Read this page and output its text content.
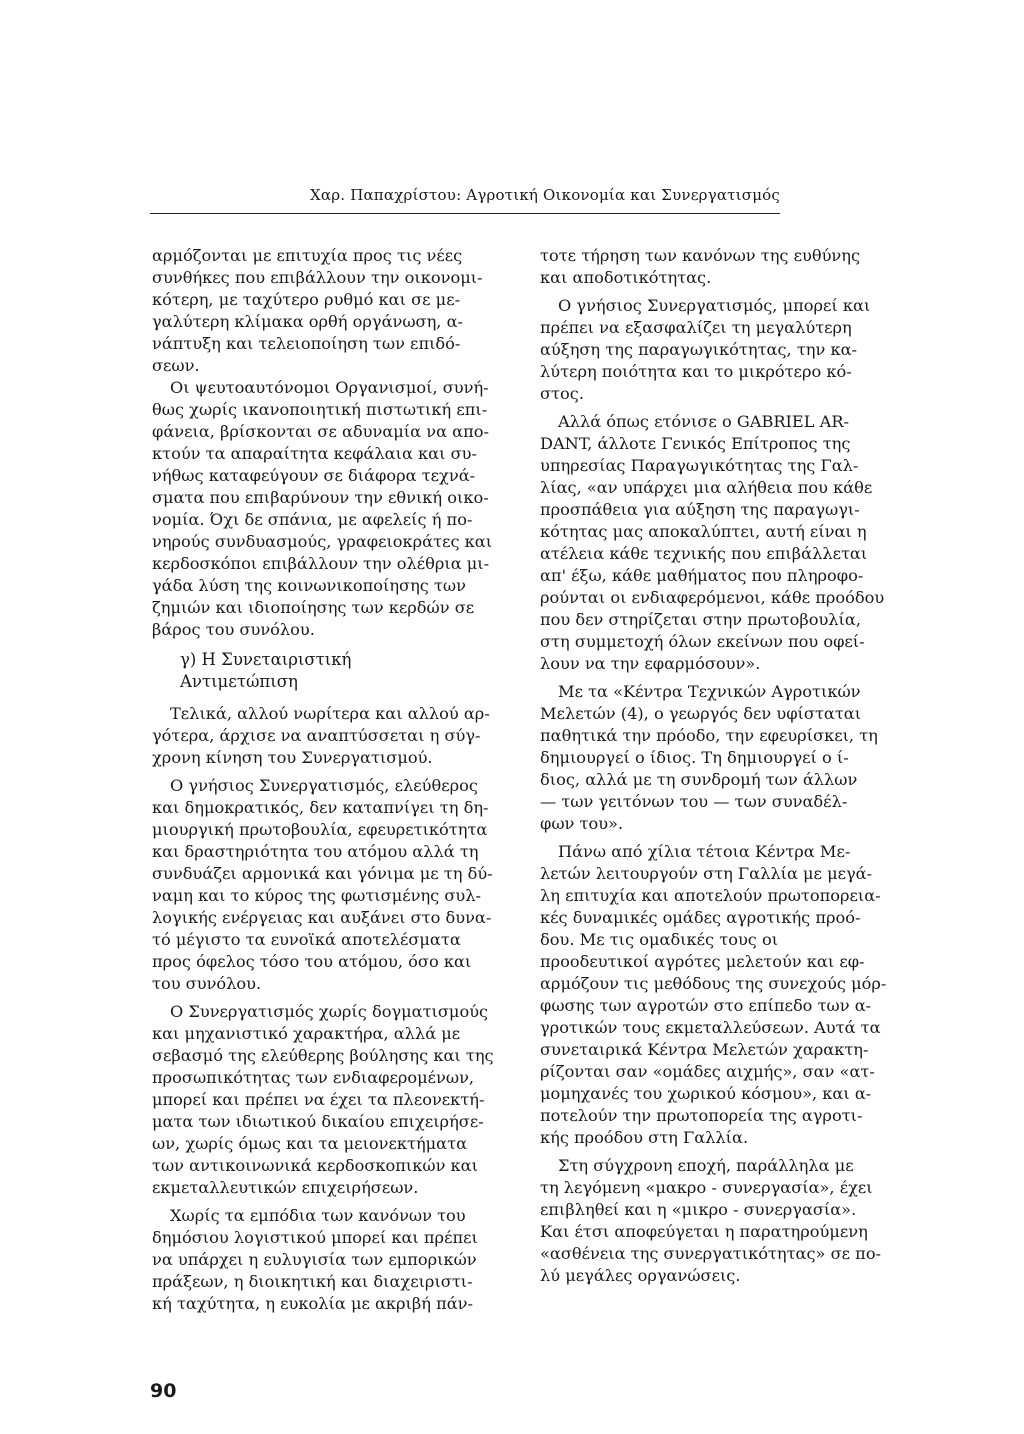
Χαρ. Παπαχρίστου: Αγροτική Οικονομία και Συνεργατισμός
αρμόζονται με επιτυχία προς τις νέες
συνθήκες που επιβάλλουν την οικονομι-
κότερη, με ταχύτερο ρυθμό και σε με-
γαλύτερη κλίμακα ορθή οργάνωση, α-
νάπτυξη και τελειοποίηση των επιδό-
σεων.
Οι ψευτοαυτόνομοι Οργανισμοί, συνή-
θως χωρίς ικανοποιητική πιστωτική επι-
φάνεια, βρίσκονται σε αδυναμία να απο-
κτούν τα απαραίτητα κεφάλαια και συ-
νήθως καταφεύγουν σε διάφορα τεχνά-
σματα που επιβαρύνουν την εθνική οικο-
νομία. Όχι δε σπάνια, με αφελείς ή πο-
νηρούς συνδυασμούς, γραφειοκράτες και
κερδοσκόποι επιβάλλουν την ολέθρια μι-
γάδα λύση της κοινωνικοποίησης των
ζημιών και ιδιοποίησης των κερδών σε
βάρος του συνόλου.
γ) Η Συνεταιριστική Αντιμετώπιση
Τελικά, αλλού νωρίτερα και αλλού αρ-
γότερα, άρχισε να αναπτύσσεται η σύγ-
χρονη κίνηση του Συνεργατισμού.
Ο γνήσιος Συνεργατισμός, ελεύθερος
και δημοκρατικός, δεν καταπνίγει τη δη-
μιουργική πρωτοβουλία, εφευρετικότητα
και δραστηριότητα του ατόμου αλλά τη
συνδυάζει αρμονικά και γόνιμα με τη δύ-
ναμη και το κύρος της φωτισμένης συλ-
λογικής ενέργειας και αυξάνει στο δυνα-
τό μέγιστο τα ευνοϊκά αποτελέσματα
προς όφελος τόσο του ατόμου, όσο και
του συνόλου.
Ο Συνεργατισμός χωρίς δογματισμούς
και μηχανιστικό χαρακτήρα, αλλά με
σεβασμό της ελεύθερης βούλησης και της
προσωπικότητας των ενδιαφερομένων,
μπορεί και πρέπει να έχει τα πλεονεκτή-
ματα των ιδιωτικού δικαίου επιχειρήσε-
ων, χωρίς όμως και τα μειονεκτήματα
των αντικοινωνικά κερδοσκοπικών και
εκμεταλλευτικών επιχειρήσεων.
Χωρίς τα εμπόδια των κανόνων του
δημόσιου λογιστικού μπορεί και πρέπει
να υπάρχει η ευλυγισία των εμπορικών
πράξεων, η διοικητική και διαχειριστι-
κή ταχύτητα, η ευκολία με ακριβή πάν-
τοτε τήρηση των κανόνων της ευθύνης
και αποδοτικότητας.
Ο γνήσιος Συνεργατισμός, μπορεί και
πρέπει να εξασφαλίζει τη μεγαλύτερη
αύξηση της παραγωγικότητας, την κα-
λύτερη ποιότητα και το μικρότερο κό-
στος.
Αλλά όπως ετόνισε ο GABRIEL AR-
DANT, άλλοτε Γενικός Επίτροπος της
υπηρεσίας Παραγωγικότητας της Γαλ-
λίας, «αν υπάρχει μια αλήθεια που κάθε
προσπάθεια για αύξηση της παραγωγι-
κότητας μας αποκαλύπτει, αυτή είναι η
ατέλεια κάθε τεχνικής που επιβάλλεται
απ' έξω, κάθε μαθήματος που πληροφο-
ρούνται οι ενδιαφερόμενοι, κάθε προόδου
που δεν στηρίζεται στην πρωτοβουλία,
στη συμμετοχή όλων εκείνων που οφεί-
λουν να την εφαρμόσουν».
Με τα «Κέντρα Τεχνικών Αγροτικών
Μελετών (4), ο γεωργός δεν υφίσταται
παθητικά την πρόοδο, την εφευρίσκει, τη
δημιουργεί ο ίδιος. Τη δημιουργεί ο ί-
διος, αλλά με τη συνδρομή των άλλων
— των γειτόνων του — των συναδέλ-
φων του».
Πάνω από χίλια τέτοια Κέντρα Με-
λετών λειτουργούν στη Γαλλία με μεγά-
λη επιτυχία και αποτελούν πρωτοπορεια-
κές δυναμικές ομάδες αγροτικής προό-
δου. Με τις ομαδικές τους οι
προοδευτικοί αγρότες μελετούν και εφ-
αρμόζουν τις μεθόδους της συνεχούς μόρ-
φωσης των αγροτών στο επίπεδο των α-
γροτικών τους εκμεταλλεύσεων. Αυτά τα
συνεταιρικά Κέντρα Μελετών χαρακτη-
ρίζονται σαν «ομάδες αιχμής», σαν «ατ-
μομηχανές του χωρικού κόσμου», και α-
ποτελούν την πρωτοπορεία της αγροτι-
κής προόδου στη Γαλλία.
Στη σύγχρονη εποχή, παράλληλα με
τη λεγόμενη «μακρο - συνεργασία», έχει
επιβληθεί και η «μικρο - συνεργασία».
Και έτσι αποφεύγεται η παρατηρούμενη
«ασθένεια της συνεργατικότητας» σε πο-
λύ μεγάλες οργανώσεις.
90
